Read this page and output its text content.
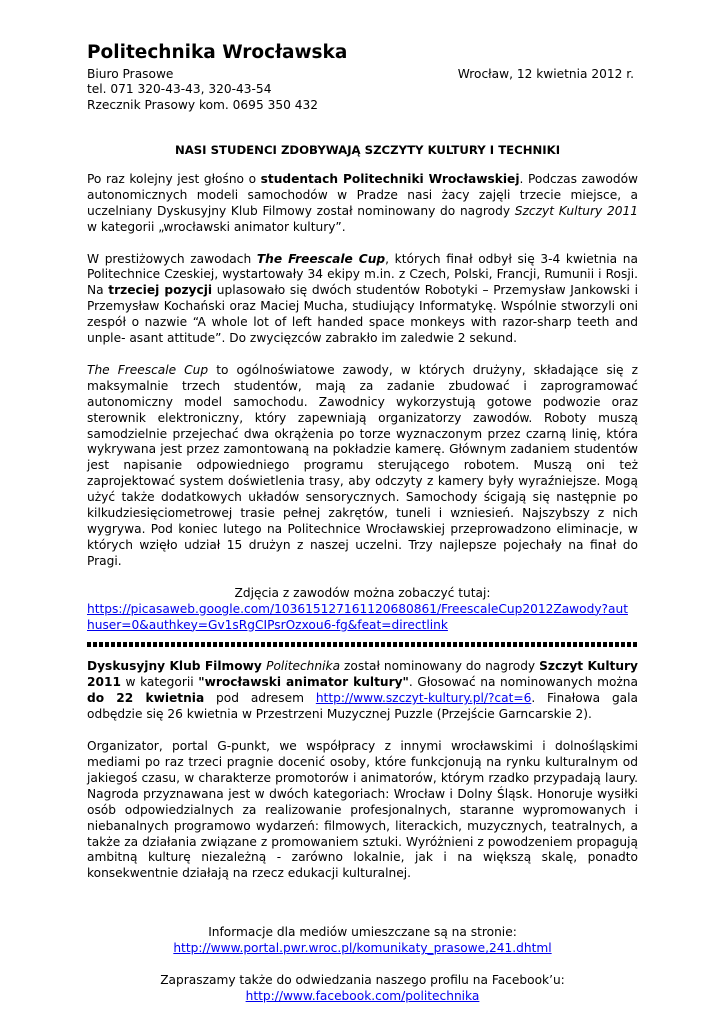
Politechnika Wrocławska
Biuro Prasowe
tel. 071 320-43-43, 320-43-54
Rzecznik Prasowy kom. 0695 350 432
Wrocław, 12 kwietnia 2012 r.
NASI STUDENCI ZDOBYWAJĄ SZCZYTY KULTURY I TECHNIKI

Po raz kolejny jest głośno o studentach Politechniki Wrocławskiej. Podczas zawodów autonomicznych modeli samochodów w Pradze nasi żacy zajęli trzecie miejsce, a uczelniany Dyskusyjny Klub Filmowy został nominowany do nagrody Szczyt Kultury 2011 w kategorii „wrocławski animator kultury”.

W prestiżowych zawodach The Freescale Cup, których finał odbył się 3-4 kwietnia na Politechnice Czeskiej, wystartowały 34 ekipy m.in. z Czech, Polski, Francji, Rumunii i Rosji. Na trzeciej pozycji uplasowało się dwóch studentów Robotyki – Przemysław Jankowski i Przemysław Kochański oraz Maciej Mucha, studiujący Informatykę. Wspólnie stworzyli oni zespół o nazwie “A whole lot of left handed space monkeys with razor-sharp teeth and unple- asant attitude”. Do zwycięzców zabrakło im zaledwie 2 sekund.

The Freescale Cup to ogólnoświatowe zawody, w których drużyny, składające się z maksymalnie trzech studentów, mają za zadanie zbudować i zaprogramować autonomiczny model samochodu. Zawodnicy wykorzystują gotowe podwozie oraz sterownik elektroniczny, który zapewniają organizatorzy zawodów. Roboty muszą samodzielnie przejechać dwa okrążenia po torze wyznaczonym przez czarną linię, która wykrywana jest przez zamontowaną na pokładzie kamerę. Głównym zadaniem studentów jest napisanie odpowiedniego programu sterującego robotem. Muszą oni też zaprojektować system doświetlenia trasy, aby odczyty z kamery były wyraźniejsze. Mogą użyć także dodatkowych układów sensorycznych. Samochody ścigają się następnie po kilkudziesięciometrowej trasie pełnej zakrętów, tuneli i wzniesień. Najszybszy z nich wygrywa. Pod koniec lutego na Politechnice Wrocławskiej przeprowadzono eliminacje, w których wzięło udział 15 drużyn z naszej uczelni. Trzy najlepsze pojechały na finał do Pragi.

Zdjęcia z zawodów można zobaczyć tutaj:

https://picasaweb.google.com/103615127161120680861/FreescaleCup2012Zawody?aut
huser=0&authkey=Gv1sRgCIPsrOzxou6-fg&feat=directlink

Dyskusyjny Klub Filmowy Politechnika został nominowany do nagrody Szczyt Kultury 2011 w kategorii "wrocławski animator kultury". Głosować na nominowanych można do 22 kwietnia pod adresem http://www.szczyt-kultury.pl/?cat=6. Finałowa gala odbędzie się 26 kwietnia w Przestrzeni Muzycznej Puzzle (Przejście Garncarskie 2).

Organizator, portal G-punkt, we współpracy z innymi wrocławskimi i dolnośląskimi mediami po raz trzeci pragnie docenić osoby, które funkcjonują na rynku kulturalnym od jakiegoś czasu, w charakterze promotorów i animatorów, którym rzadko przypadają laury. Nagroda przyznawana jest w dwóch kategoriach: Wrocław i Dolny Śląsk. Honoruje wysiłki osób odpowiedzialnych za realizowanie profesjonalnych, staranne wypromowanych i niebanalnych programowo wydarzeń: filmowych, literackich, muzycznych, teatralnych, a także za działania związane z promowaniem sztuki. Wyróżnieni z powodzeniem propagują ambitną kulturę niezależną - zarówno lokalnie, jak i na większą skalę, ponadto konsekwentnie działają na rzecz edukacji kulturalnej.

Informacje dla mediów umieszczane są na stronie:
http://www.portal.pwr.wroc.pl/komunikaty_prasowe,241.dhtml
Zapraszamy także do odwiedzania naszego profilu na Facebook’u:
http://www.facebook.com/politechnika
